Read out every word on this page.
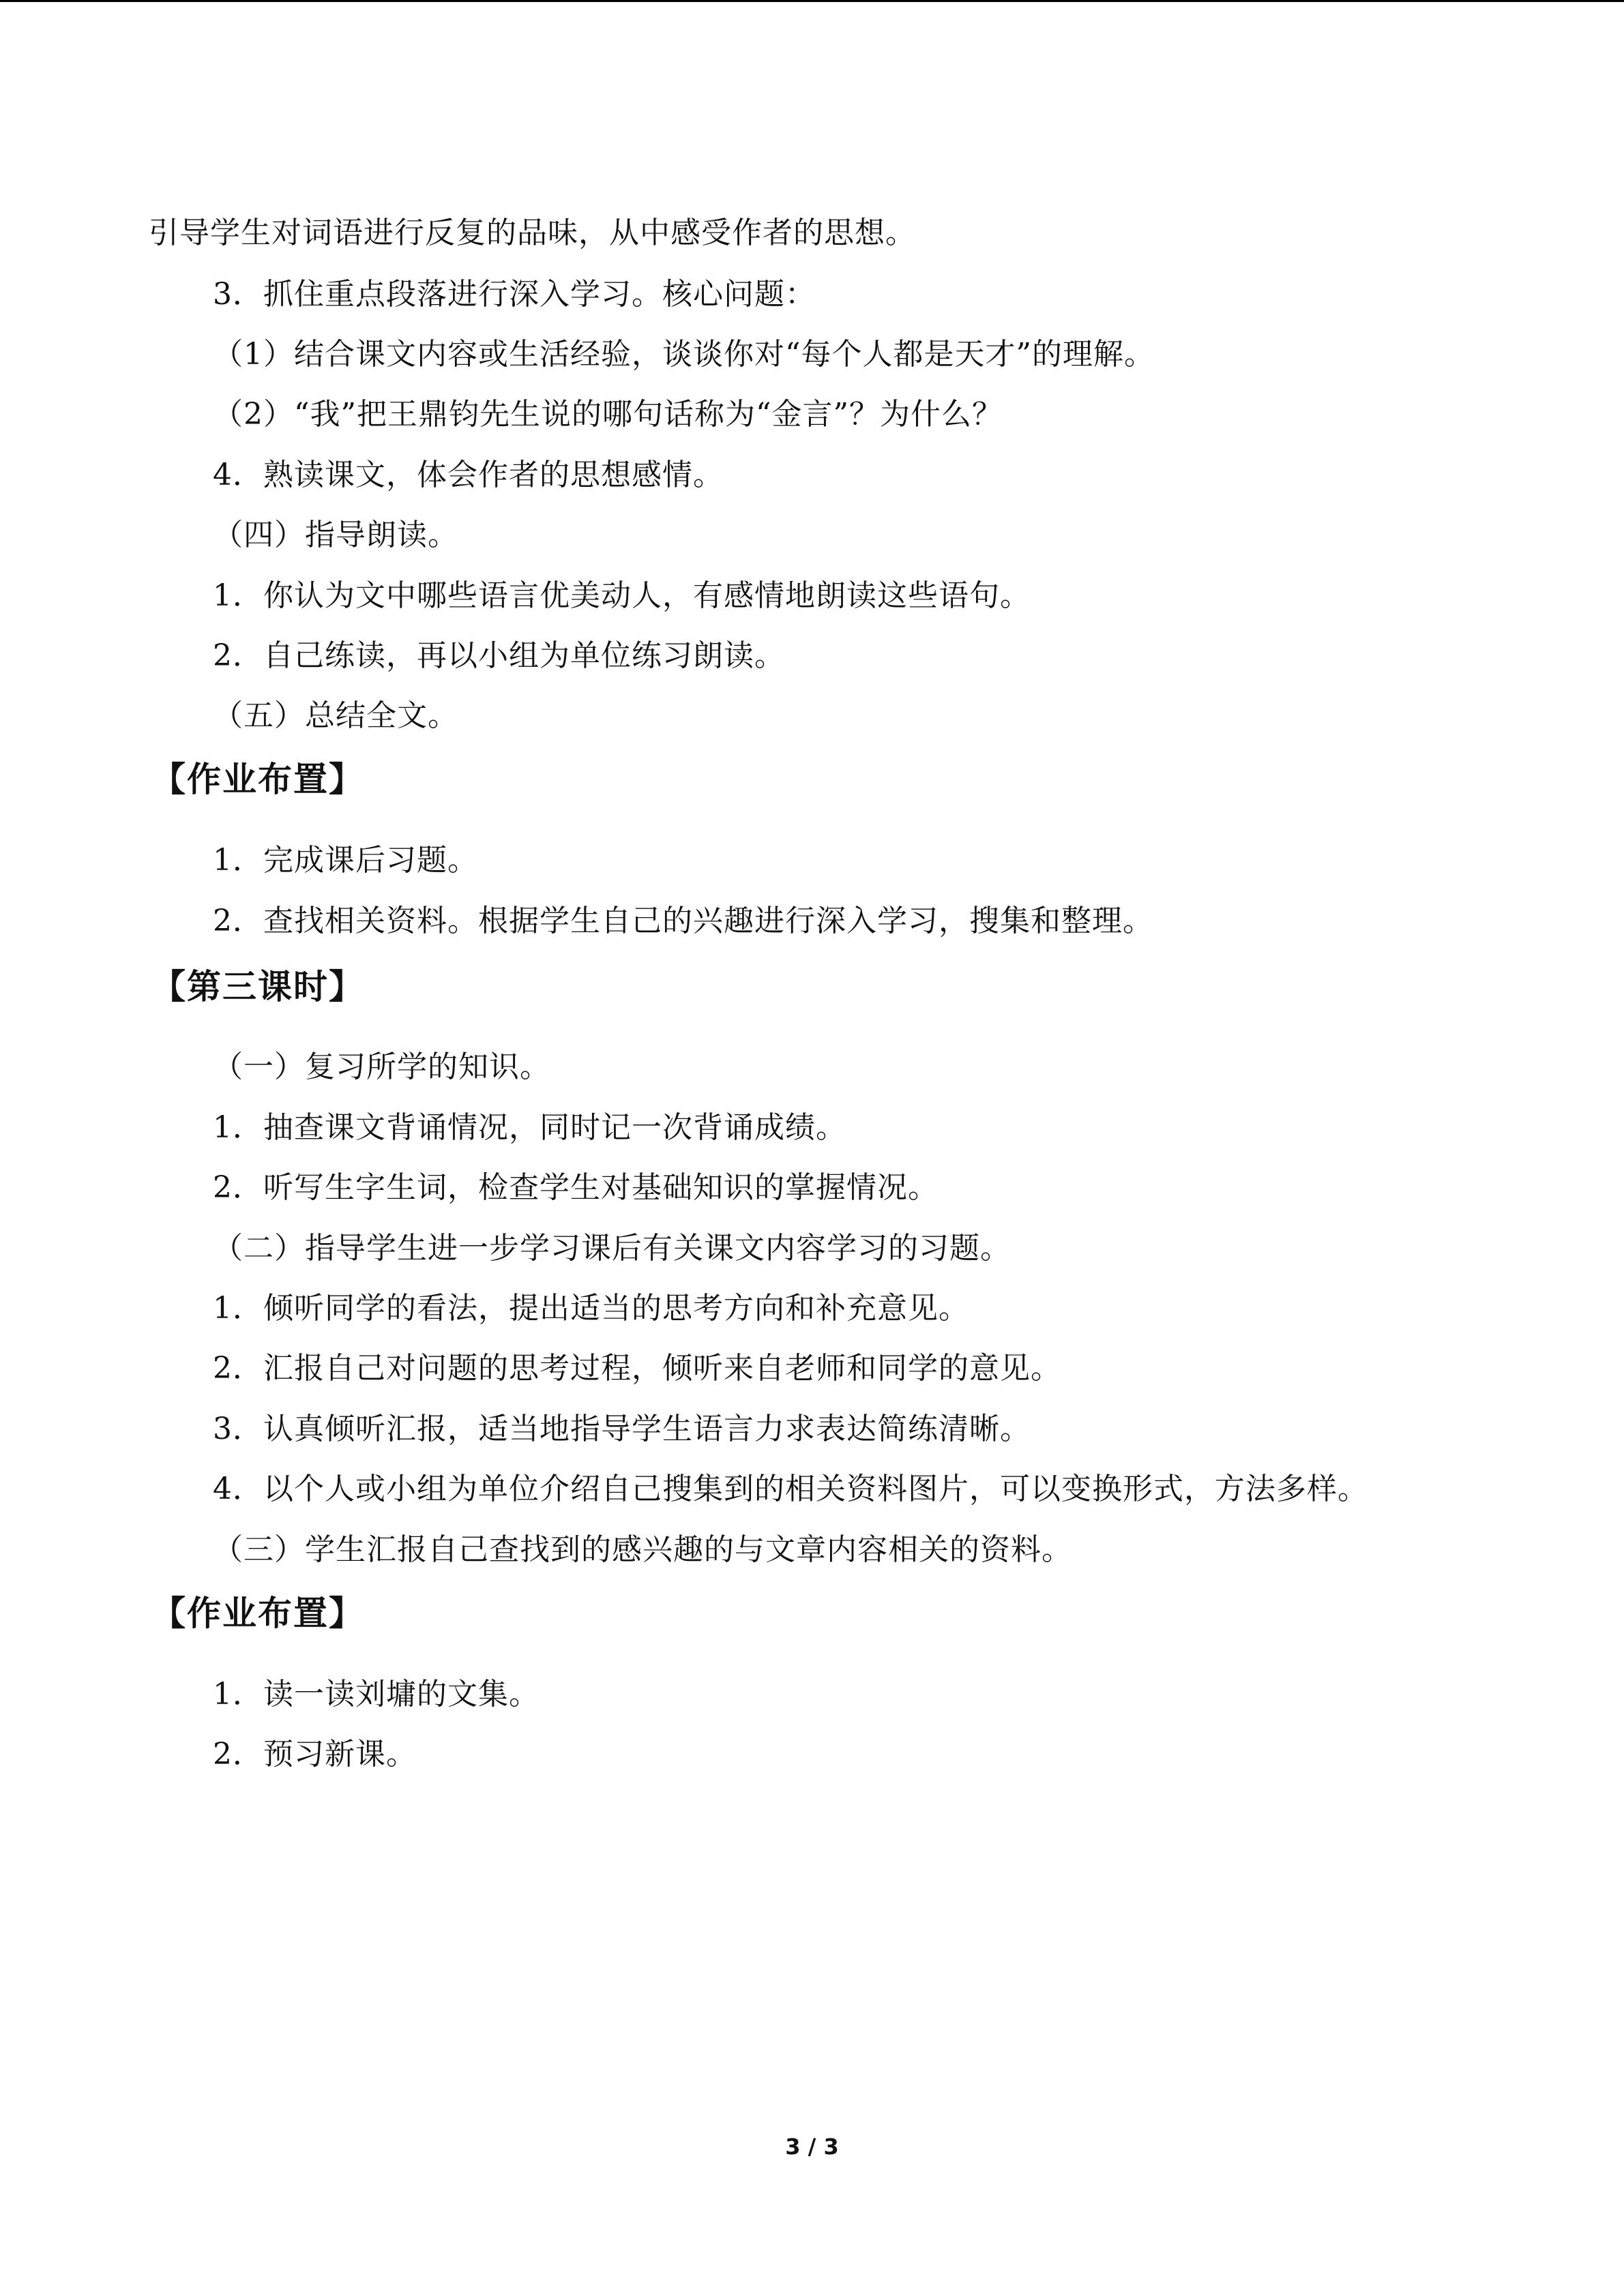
引导学生对词语进行反复的品味，从中感受作者的思想。
3．抓住重点段落进行深入学习。核心问题：
（1）结合课文内容或生活经验，谈谈你对“每个人都是天才”的理解。
（2）“我”把王鼎钧先生说的哪句话称为“金言”？为什么？
4．熟读课文，体会作者的思想感情。
（四）指导朗读。
1．你认为文中哪些语言优美动人，有感情地朗读这些语句。
2．自己练读，再以小组为单位练习朗读。
（五）总结全文。
【作业布置】
1．完成课后习题。
2．查找相关资料。根据学生自己的兴趣进行深入学习，搜集和整理。
【第三课时】
（一）复习所学的知识。
1．抽查课文背诵情况，同时记一次背诵成绩。
2．听写生字生词，检查学生对基础知识的掌握情况。
（二）指导学生进一步学习课后有关课文内容学习的习题。
1．倾听同学的看法，提出适当的思考方向和补充意见。
2．汇报自己对问题的思考过程，倾听来自老师和同学的意见。
3．认真倾听汇报，适当地指导学生语言力求表达简练清晰。
4．以个人或小组为单位介绍自己搜集到的相关资料图片，可以变换形式，方法多样。
（三）学生汇报自己查找到的感兴趣的与文章内容相关的资料。
【作业布置】
1．读一读刘墉的文集。
2．预习新课。
3 / 3
